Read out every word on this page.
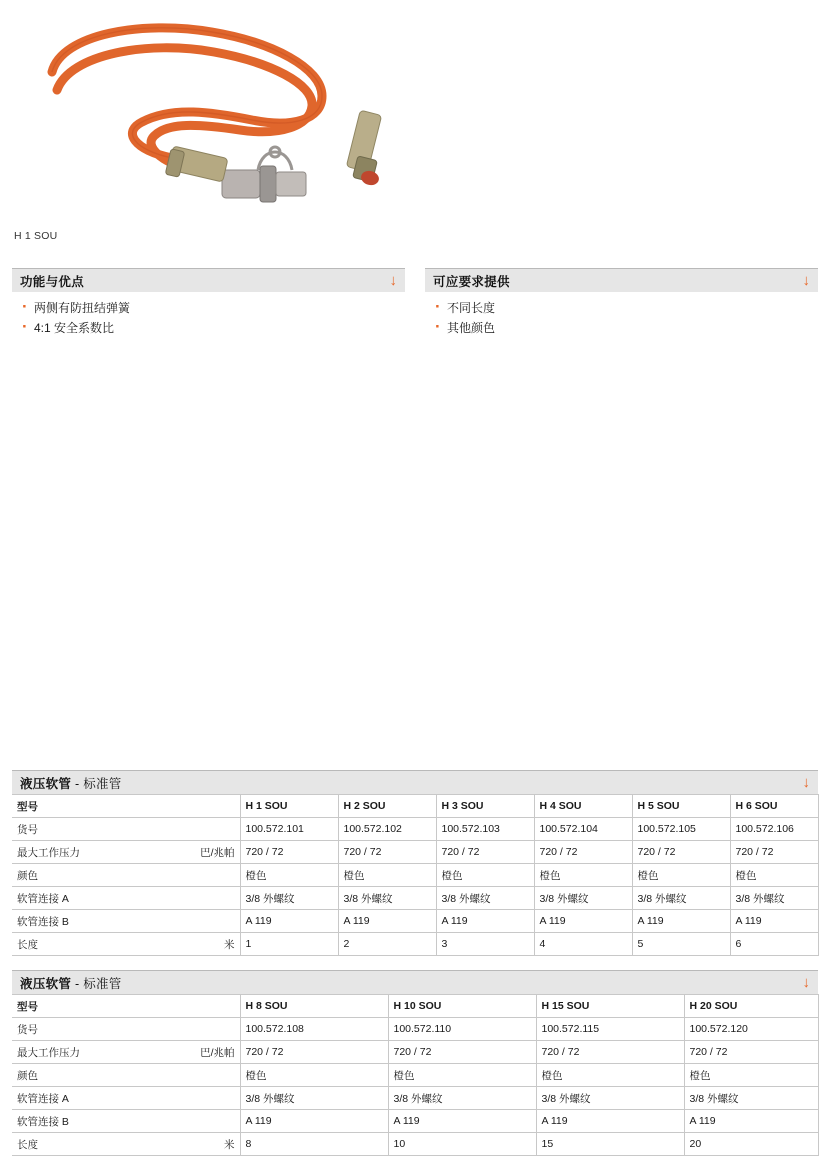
H 1 SOU
功能与优点	↓
· 两侧有防扭结弹簧
· 4:1 安全系数比
可应要求提供	↓
· 不同长度
· 其他颜色
液压软管 - 标准管	↓
型号	H 1 SOU	H 2 SOU	H 3 SOU	H 4 SOU	H 5 SOU	H 6 SOU

货号	100.572.101	100.572.102	100.572.103	100.572.104	100.572.105	100.572.106

最大工作压力 巴/兆帕	720 / 72	720 / 72	720 / 72	720 / 72	720 / 72	720 / 72

颜色	橙色	橙色	橙色	橙色	橙色	橙色

软管连接 A	3/8 外螺纹	3/8 外螺纹	3/8 外螺纹	3/8 外螺纹	3/8 外螺纹	3/8 外螺纹

软管连接 B	A 119	A 119	A 119	A 119	A 119	A 119

长度 米	1	2	3	4	5	6
液压软管 - 标准管	↓
型号	H 8 SOU	H 10 SOU	H 15 SOU	H 20 SOU

货号	100.572.108	100.572.110	100.572.115	100.572.120

最大工作压力 巴/兆帕	720 / 72	720 / 72	720 / 72	720 / 72

颜色	橙色	橙色	橙色	橙色

软管连接 A	3/8 外螺纹	3/8 外螺纹	3/8 外螺纹	3/8 外螺纹

软管连接 B	A 119	A 119	A 119	A 119

长度 米	8	10	15	20
